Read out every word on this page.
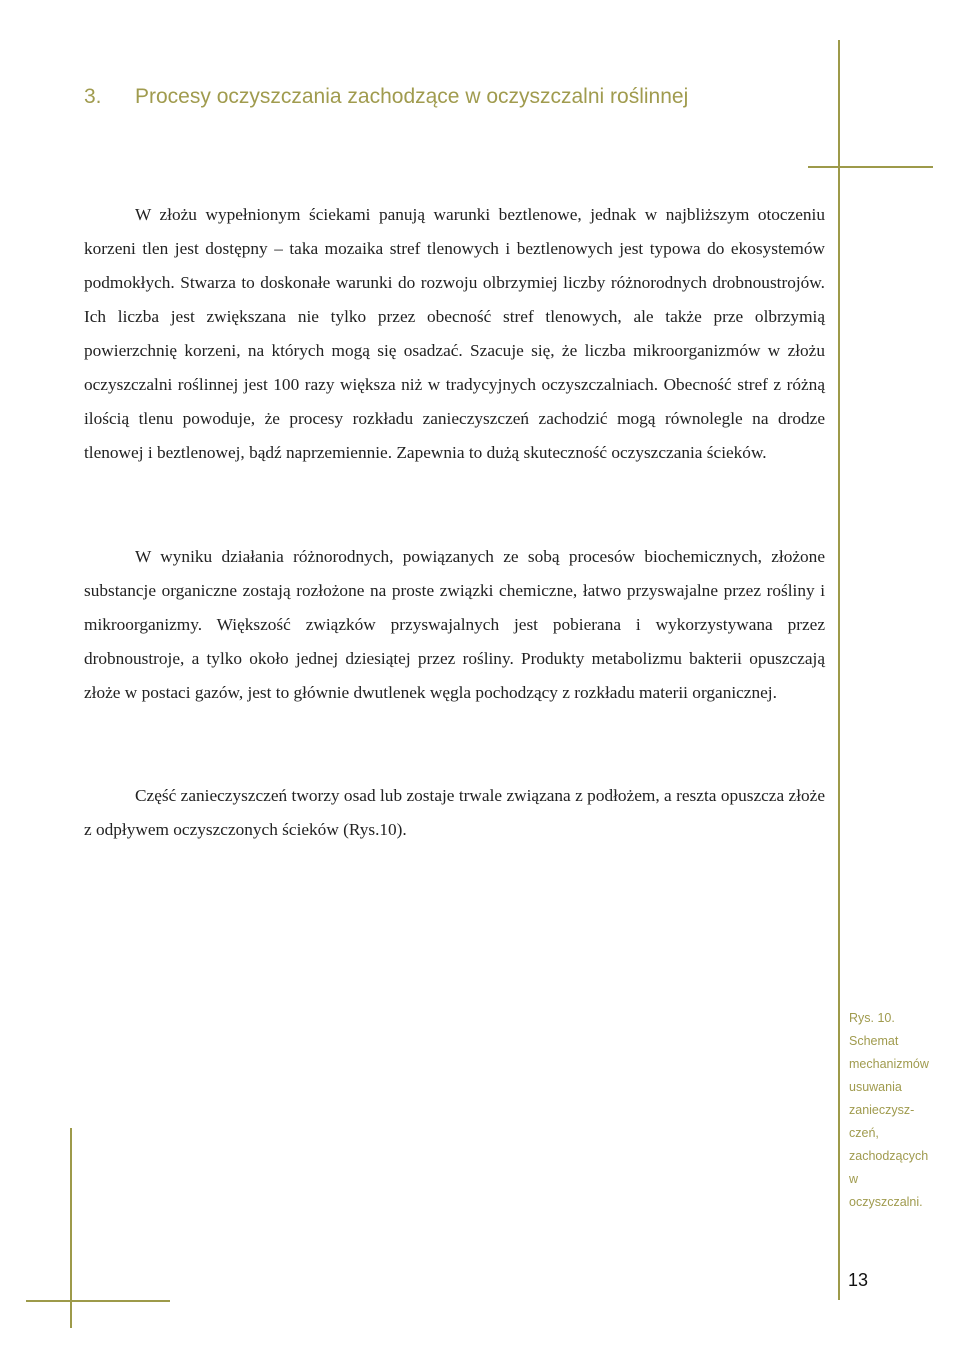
3. Procesy oczyszczania zachodzące w oczyszczalni roślinnej

W złożu wypełnionym ściekami panują warunki beztlenowe, jednak w najbliższym otoczeniu korzeni tlen jest dostępny – taka mozaika stref tlenowych i beztlenowych jest typowa do ekosystemów podmokłych. Stwarza to doskonałe warunki do rozwoju olbrzymiej liczby różnorodnych drobnoustrojów. Ich liczba jest zwiększana nie tylko przez obecność stref tlenowych, ale także prze olbrzymią powierzchnię korzeni, na których mogą się osadzać. Szacuje się, że liczba mikroorganizmów w złożu oczyszczalni roślinnej jest 100 razy większa niż w tradycyjnych oczyszczalniach. Obecność stref z różną ilością tlenu powoduje, że procesy rozkładu zanieczyszczeń zachodzić mogą równolegle na drodze tlenowej i beztlenowej, bądź naprzemiennie. Zapewnia to dużą skuteczność oczyszczania ścieków.

W wyniku działania różnorodnych, powiązanych ze sobą procesów biochemicznych, złożone substancje organiczne zostają rozłożone na proste związki chemiczne, łatwo przyswajalne przez rośliny i mikroorganizmy. Większość związków przyswajalnych jest pobierana i wykorzystywana przez drobnoustroje, a tylko około jednej dziesiątej przez rośliny. Produkty metabolizmu bakterii opuszczają złoże w postaci gazów, jest to głównie dwutlenek węgla pochodzący z rozkładu materii organicznej.

Część zanieczyszczeń tworzy osad lub zostaje trwale związana z podłożem, a reszta opuszcza złoże z odpływem oczyszczonych ścieków (Rys.10).

Rys. 10.
Schemat
mechanizmów
usuwania
zanieczysz-
czeń,
zachodzących
w
oczyszczalni.
13
